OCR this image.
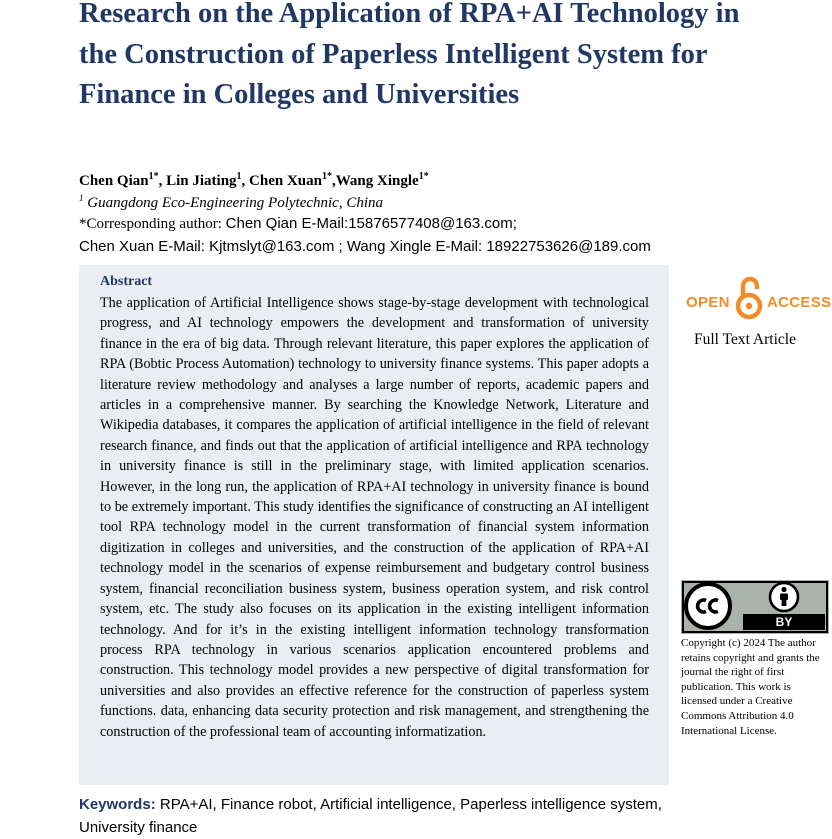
Research on the Application of RPA+AI Technology in the Construction of Paperless Intelligent System for Finance in Colleges and Universities
Chen Qian$^{1*}$, Lin Jiating$^1$, Chen Xuan$^{1*}$,Wang Xingle$^{1*}$
$^1$ Guangdong Eco-Engineering Polytechnic, China
*Corresponding author: Chen Qian E-Mail:15876577408@163.com;
Chen Xuan E-Mail: Kjtmslyt@163.com ; Wang Xingle E-Mail: 18922753626@189.com
Abstract
The application of Artificial Intelligence shows stage-by-stage development with technological progress, and AI technology empowers the development and transformation of university finance in the era of big data. Through relevant literature, this paper explores the application of RPA (Bobtic Process Automation) technology to university finance systems. This paper adopts a literature review methodology and analyses a large number of reports, academic papers and articles in a comprehensive manner. By searching the Knowledge Network, Literature and Wikipedia databases, it compares the application of artificial intelligence in the field of relevant research finance, and finds out that the application of artificial intelligence and RPA technology in university finance is still in the preliminary stage, with limited application scenarios. However, in the long run, the application of RPA+AI technology in university finance is bound to be extremely important. This study identifies the significance of constructing an AI intelligent tool RPA technology model in the current transformation of financial system information digitization in colleges and universities, and the construction of the application of RPA+AI technology model in the scenarios of expense reimbursement and budgetary control business system, financial reconciliation business system, business operation system, and risk control system, etc. The study also focuses on its application in the existing intelligent information technology. And for it’s in the existing intelligent information technology transformation process RPA technology in various scenarios application encountered problems and construction. This technology model provides a new perspective of digital transformation for universities and also provides an effective reference for the construction of paperless system functions. data, enhancing data security protection and risk management, and strengthening the construction of the professional team of accounting informatization.
OPEN ACCESS
Full Text Article
BY
Copyright (c) 2024 The author retains copyright and grants the journal the right of first publication. This work is licensed under a Creative Commons Attribution 4.0 International License.
Keywords: RPA+AI, Finance robot, Artificial intelligence, Paperless intelligence system, University finance
